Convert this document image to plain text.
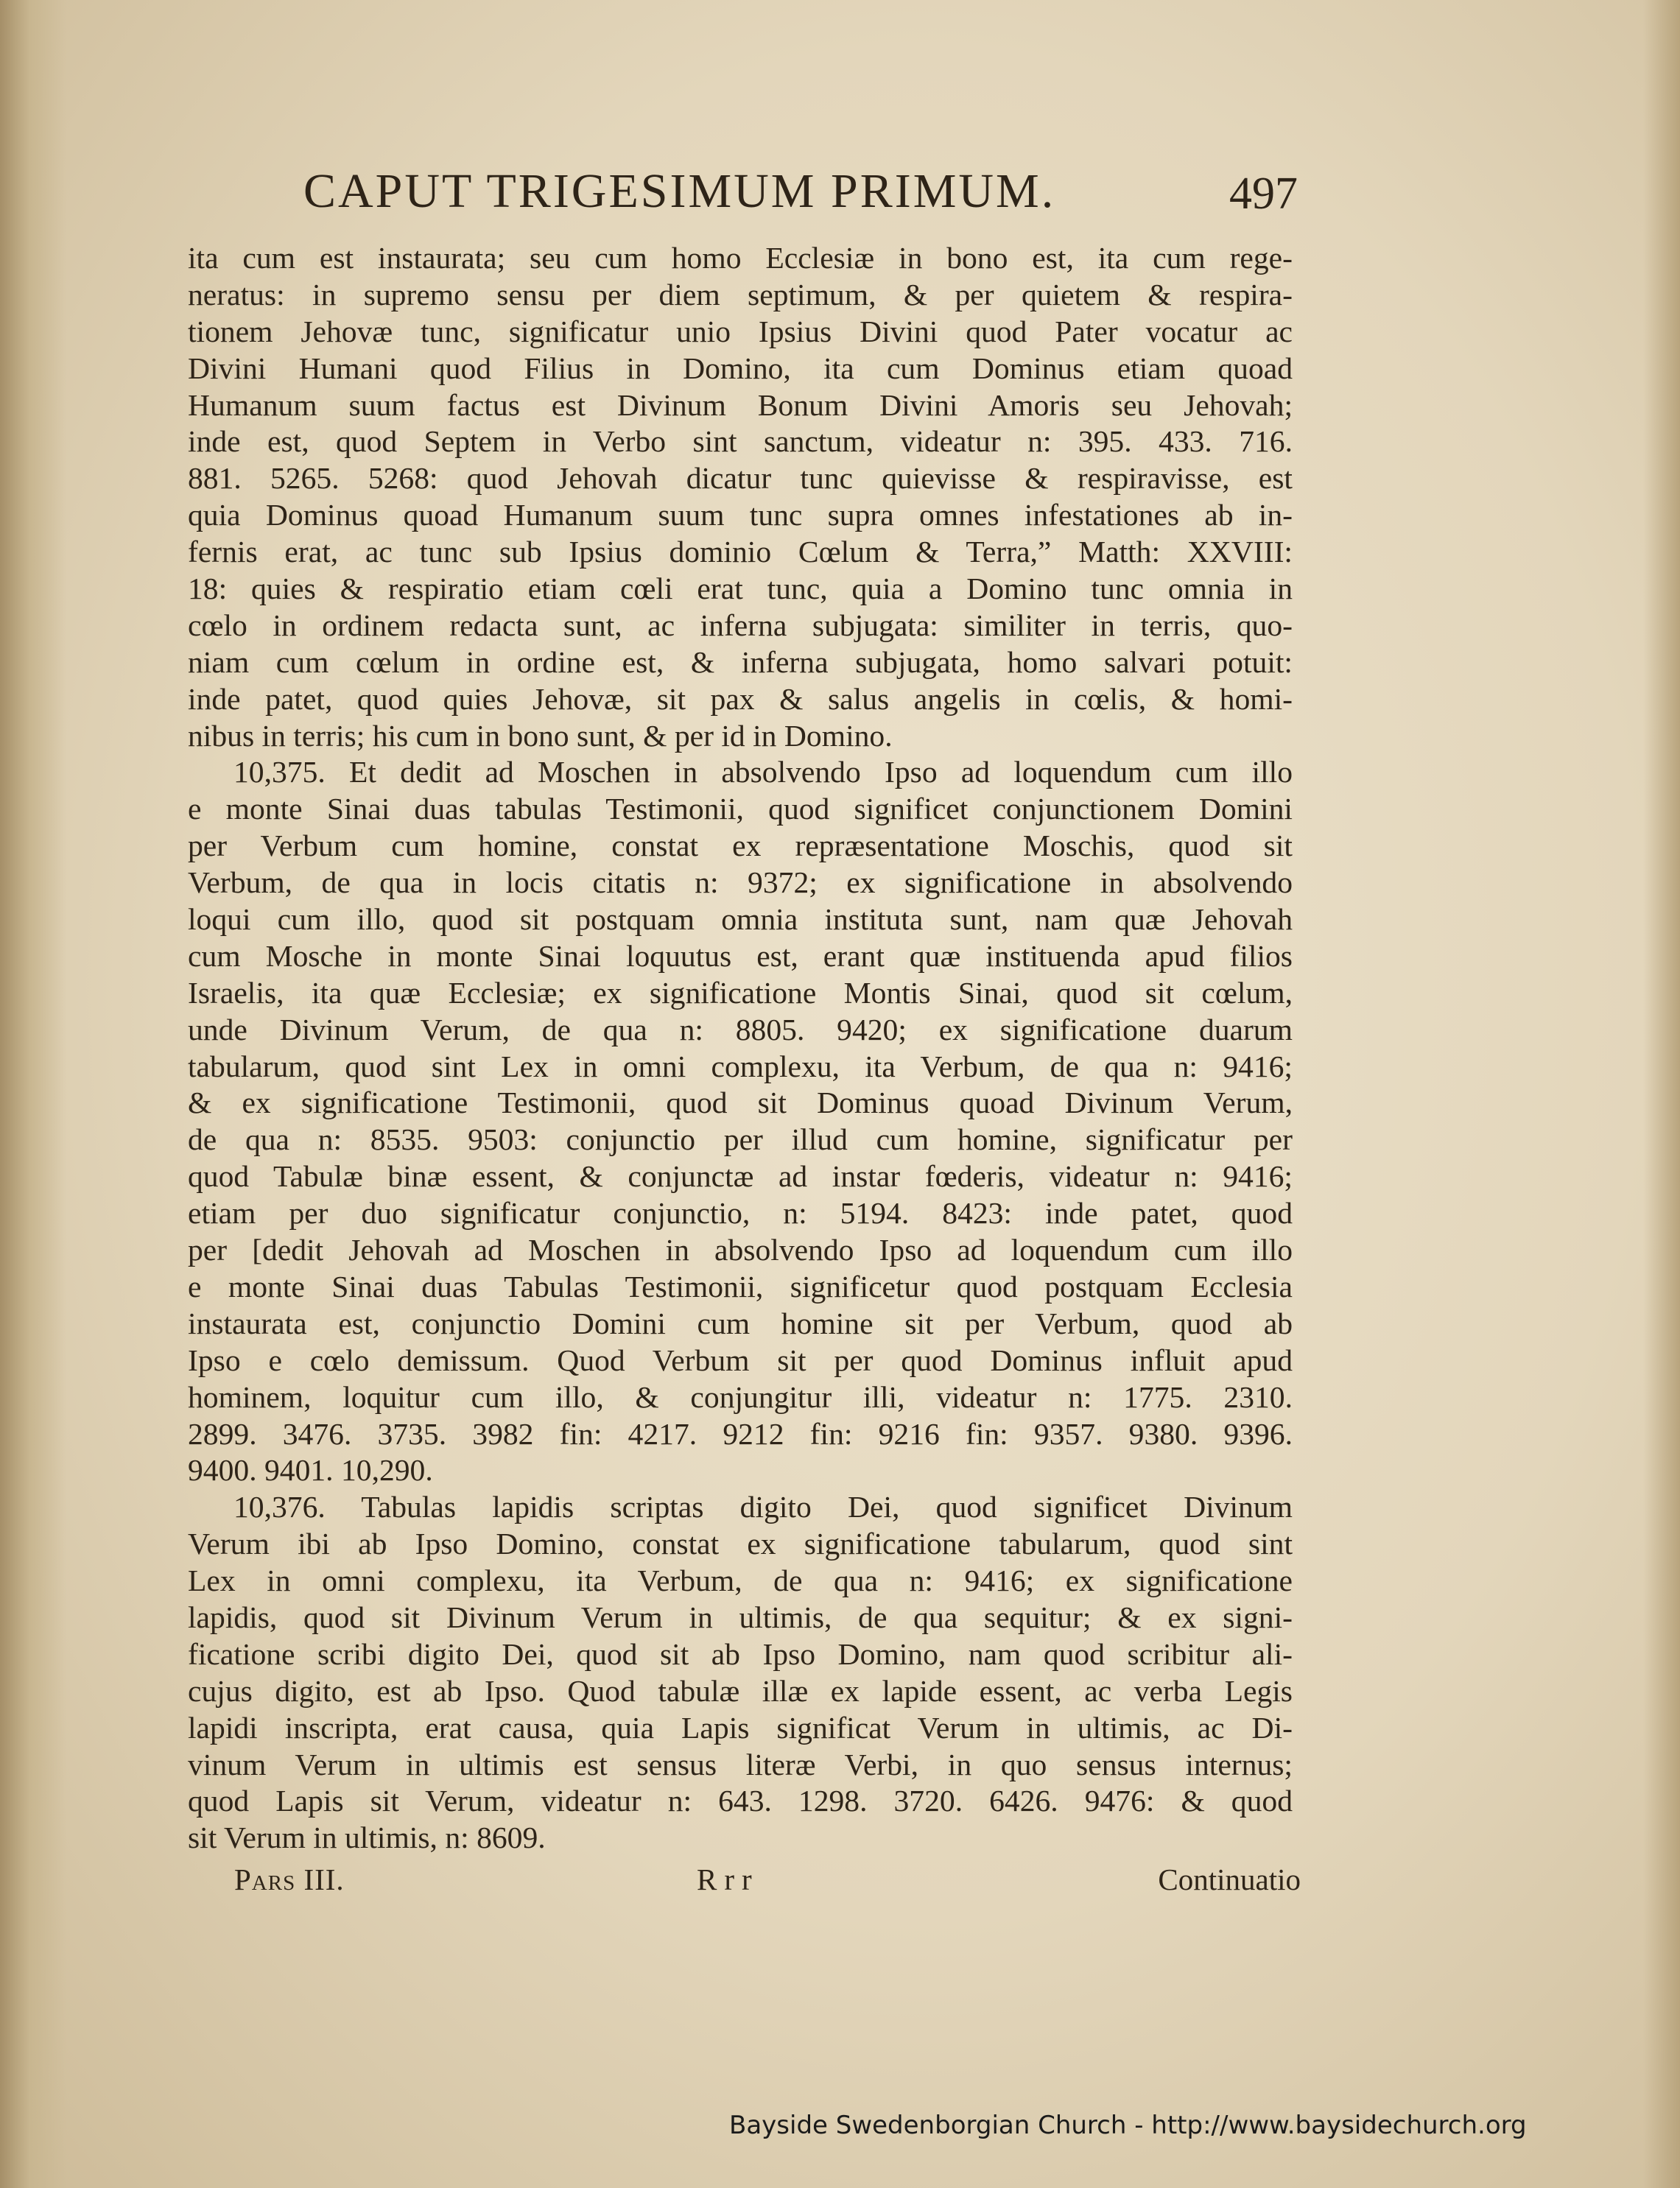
CAPUT TRIGESIMUM PRIMUM.	497
ita cum est instaurata; seu cum homo Ecclesiæ in bono est, ita cum rege-
neratus: in supremo sensu per diem septimum, & per quietem & respira-
tionem Jehovæ tunc, significatur unio Ipsius Divini quod Pater vocatur ac
Divini Humani quod Filius in Domino, ita cum Dominus etiam quoad
Humanum suum factus est Divinum Bonum Divini Amoris seu Jehovah;
inde est, quod Septem in Verbo sint sanctum, videatur n: 395. 433. 716.
881. 5265. 5268: quod Jehovah dicatur tunc quievisse & respiravisse, est
quia Dominus quoad Humanum suum tunc supra omnes infestationes ab in-
fernis erat, ac tunc sub Ipsius dominio Cœlum & Terra,” Matth: XXVIII:
18: quies & respiratio etiam cœli erat tunc, quia a Domino tunc omnia in
cœlo in ordinem redacta sunt, ac inferna subjugata: similiter in terris, quo-
niam cum cœlum in ordine est, & inferna subjugata, homo salvari potuit:
inde patet, quod quies Jehovæ, sit pax & salus angelis in cœlis, & homi-
nibus in terris; his cum in bono sunt, & per id in Domino.
10,375. Et dedit ad Moschen in absolvendo Ipso ad loquendum cum illo
e monte Sinai duas tabulas Testimonii, quod significet conjunctionem Domini
per Verbum cum homine, constat ex repræsentatione Moschis, quod sit
Verbum, de qua in locis citatis n: 9372; ex significatione in absolvendo
loqui cum illo, quod sit postquam omnia instituta sunt, nam quæ Jehovah
cum Mosche in monte Sinai loquutus est, erant quæ instituenda apud filios
Israelis, ita quæ Ecclesiæ; ex significatione Montis Sinai, quod sit cœlum,
unde Divinum Verum, de qua n: 8805. 9420; ex significatione duarum
tabularum, quod sint Lex in omni complexu, ita Verbum, de qua n: 9416;
& ex significatione Testimonii, quod sit Dominus quoad Divinum Verum,
de qua n: 8535. 9503: conjunctio per illud cum homine, significatur per
quod Tabulæ binæ essent, & conjunctæ ad instar fœderis, videatur n: 9416;
etiam per duo significatur conjunctio, n: 5194. 8423: inde patet, quod
per [dedit Jehovah ad Moschen in absolvendo Ipso ad loquendum cum illo
e monte Sinai duas Tabulas Testimonii, significetur quod postquam Ecclesia
instaurata est, conjunctio Domini cum homine sit per Verbum, quod ab
Ipso e cœlo demissum. Quod Verbum sit per quod Dominus influit apud
hominem, loquitur cum illo, & conjungitur illi, videatur n: 1775. 2310.
2899. 3476. 3735. 3982 fin: 4217. 9212 fin: 9216 fin: 9357. 9380. 9396.
9400. 9401. 10,290.
10,376. Tabulas lapidis scriptas digito Dei, quod significet Divinum
Verum ibi ab Ipso Domino, constat ex significatione tabularum, quod sint
Lex in omni complexu, ita Verbum, de qua n: 9416; ex significatione
lapidis, quod sit Divinum Verum in ultimis, de qua sequitur; & ex signi-
ficatione scribi digito Dei, quod sit ab Ipso Domino, nam quod scribitur ali-
cujus digito, est ab Ipso. Quod tabulæ illæ ex lapide essent, ac verba Legis
lapidi inscripta, erat causa, quia Lapis significat Verum in ultimis, ac Di-
vinum Verum in ultimis est sensus literæ Verbi, in quo sensus internus;
quod Lapis sit Verum, videatur n: 643. 1298. 3720. 6426. 9476: & quod
sit Verum in ultimis, n: 8609.
Pars III.	Rrr	Continuatio
Bayside Swedenborgian Church - http://www.baysidechurch.org
